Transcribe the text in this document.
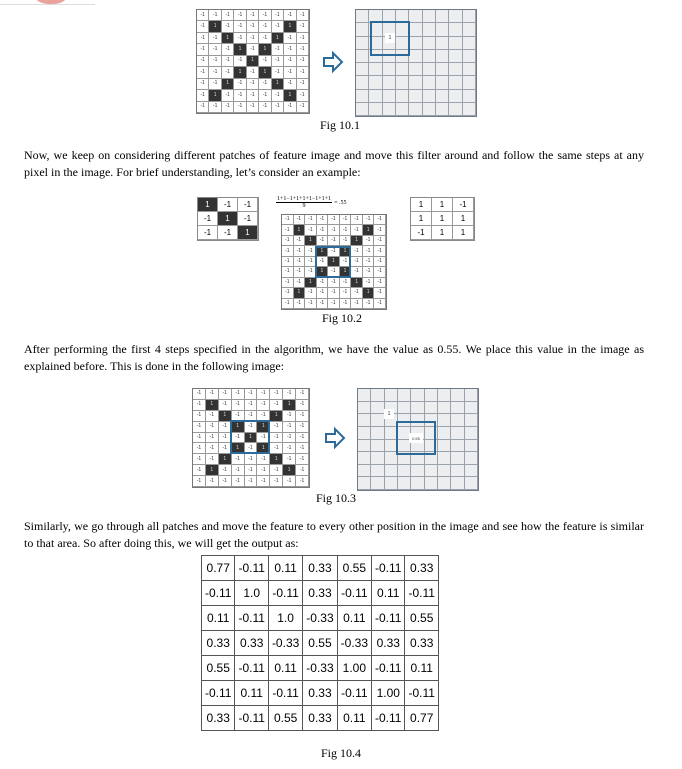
-1	-1	-1	-1	-1	-1	-1	-1	-1
-1	1	-1	-1	-1	-1	-1	1	-1
-1	-1	1	-1	-1	-1	1	-1	-1
-1	-1	-1	1	-1	1	-1	-1	-1
-1	-1	-1	-1	1	-1	-1	-1	-1
-1	-1	-1	1	-1	1	-1	-1	-1
-1	-1	1	-1	-1	-1	1	-1	-1
-1	1	-1	-1	-1	-1	-1	1	-1
-1	-1	-1	-1	-1	-1	-1	-1	-1
1
Fig 10.1
Now, we keep on considering different patches of feature image and move this filter around and follow the same steps at any pixel in the image. For brief understanding, let’s consider an example:
1	-1	-1
-1	1	-1
-1	-1	1
$\frac{1+1-1+1+1+1-1+1+1}{9} = .55$	1	1	-1
1	1	1
-1	1	1
-1	-1	-1	-1	-1	-1	-1	-1	-1
-1	1	-1	-1	-1	-1	-1	1	-1
-1	-1	1	-1	-1	-1	1	-1	-1
-1	-1	-1	1	-1	1	-1	-1	-1
-1	-1	-1	-1	1	-1	-1	-1	-1
-1	-1	-1	1	-1	1	-1	-1	-1
-1	-1	1	-1	-1	-1	1	-1	-1
-1	1	-1	-1	-1	-1	-1	1	-1
-1	-1	-1	-1	-1	-1	-1	-1	-1
Fig 10.2
After performing the first 4 steps specified in the algorithm, we have the value as 0.55. We place this value in the image as explained before. This is done in the following image:
-1	-1	-1	-1	-1	-1	-1	-1	-1
-1	1	-1	-1	-1	-1	-1	1	-1
-1	-1	1	-1	-1	-1	1	-1	-1
-1	-1	-1	1	-1	1	-1	-1	-1
-1	-1	-1	-1	1	-1	-1	-1	-1
-1	-1	-1	1	-1	1	-1	-1	-1
-1	-1	1	-1	-1	-1	1	-1	-1
-1	1	-1	-1	-1	-1	-1	1	-1
-1	-1	-1	-1	-1	-1	-1	-1	-1
1
0.55
Fig 10.3
Similarly, we go through all patches and move the feature to every other position in the image and see how the feature is similar to that area. So after doing this, we will get the output as:
0.77	-0.11	0.11	0.33	0.55	-0.11	0.33
-0.11	1.0	-0.11	0.33	-0.11	0.11	-0.11
0.11	-0.11	1.0	-0.33	0.11	-0.11	0.55
0.33	0.33	-0.33	0.55	-0.33	0.33	0.33
0.55	-0.11	0.11	-0.33	1.00	-0.11	0.11
-0.11	0.11	-0.11	0.33	-0.11	1.00	-0.11
0.33	-0.11	0.55	0.33	0.11	-0.11	0.77
Fig 10.4
